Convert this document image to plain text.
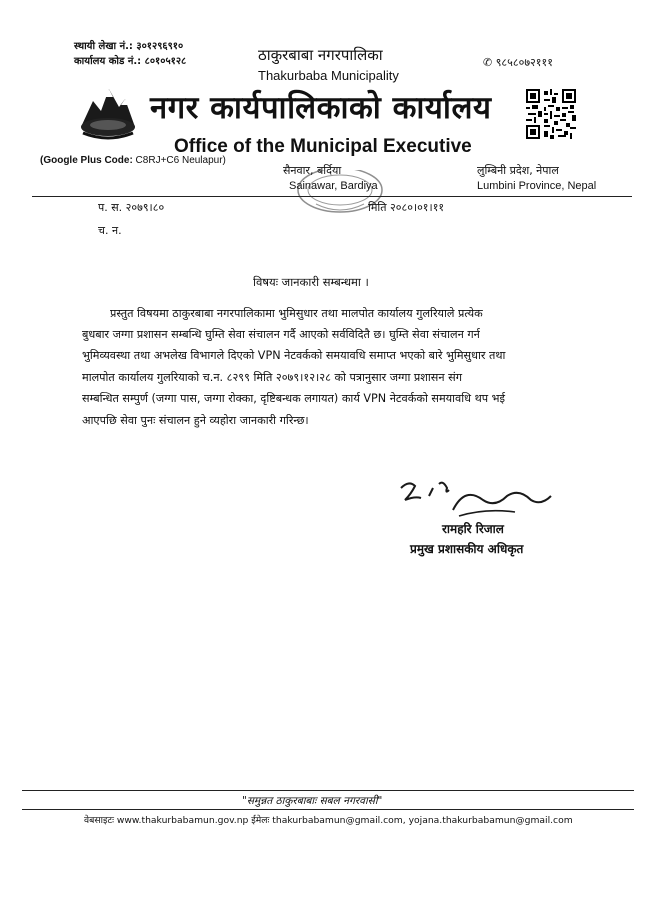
स्थायी लेखा नं.: ३०१२९६९१०
कार्यालय कोड नं.: ८०१०५१२८	✆ ९८५८०७२१११
ठाकुरबाबा नगरपालिका
Thakurbaba Municipality
नगर कार्यपालिकाको कार्यालय
Office of the Municipal Executive
(Google Plus Code: C8RJ+C6 Neulapur)
सैनवार, बर्दिया
Sainawar, Bardiya
लुम्बिनी प्रदेश, नेपाल
Lumbini Province, Nepal
प. स. २०७९।८०	मिति २०८०।०१।११
च. न.
विषयः जानकारी सम्बन्धमा ।
प्रस्तुत विषयमा ठाकुरबाबा नगरपालिकामा भुमिसुधार तथा मालपोत कार्यालय गुलरियाले प्रत्येक
बुधबार जग्गा प्रशासन सम्बन्धि घुम्ति सेवा संचालन गर्दै आएको सर्वविदितै छ। घुम्ति सेवा संचालन गर्न
भुमिव्यवस्था तथा अभलेख विभागले दिएको VPN नेटवर्कको समयावधि समाप्त भएको बारे भुमिसुधार तथा
मालपोत कार्यालय गुलरियाको च.न. ८२९९ मिति २०७९।१२।२८ को पत्रानुसार जग्गा प्रशासन संग
सम्बन्धित सम्पुर्ण (जग्गा पास, जग्गा रोक्का, दृष्टिबन्धक लगायत) कार्य VPN नेटवर्कको समयावधि थप भई
आएपछि सेवा पुनः संचालन हुने व्यहोरा जानकारी गरिन्छ।
रामहरि रिजाल
प्रमुख प्रशासकीय अधिकृत
"समुन्नत ठाकुरबाबाः सबल नगरवासी"
वेबसाइटः www.thakurbabamun.gov.np ईमेलः thakurbabamun@gmail.com, yojana.thakurbabamun@gmail.com
